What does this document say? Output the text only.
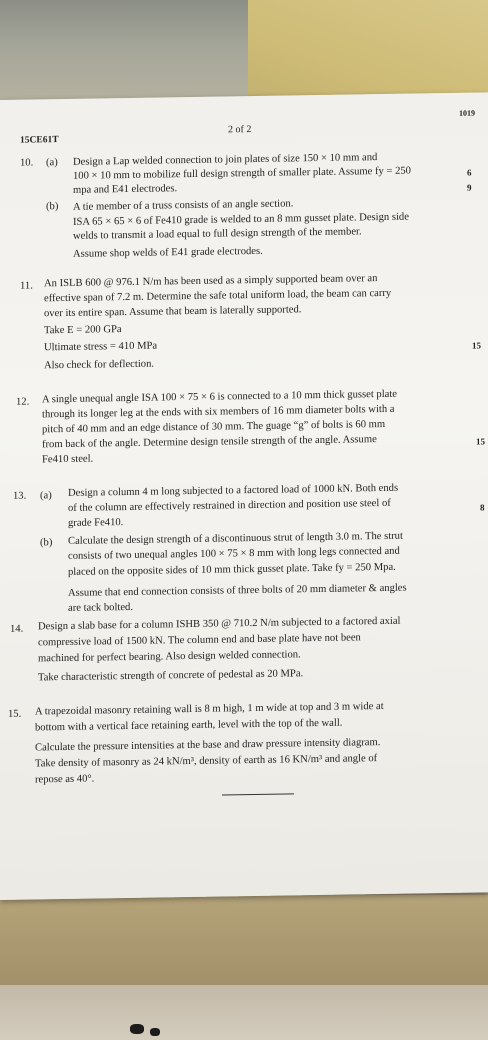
1019
15CE61T
2 of 2
10. (a) Design a Lap welded connection to join plates of size 150 × 10 mm and
100 × 10 mm to mobilize full design strength of smaller plate. Assume fy = 250
mpa and E41 electrodes.
6
(b) A tie member of a truss consists of an angle section.
ISA 65 × 65 × 6 of Fe410 grade is welded to an 8 mm gusset plate. Design side
welds to transmit a load equal to full design strength of the member.
Assume shop welds of E41 grade electrodes.
9
11. An ISLB 600 @ 976.1 N/m has been used as a simply supported beam over an
effective span of 7.2 m. Determine the safe total uniform load, the beam can carry
over its entire span. Assume that beam is laterally supported.
Take E = 200 GPa
Ultimate stress = 410 MPa
Also check for deflection.
15
12. A single unequal angle ISA 100 × 75 × 6 is connected to a 10 mm thick gusset plate
through its longer leg at the ends with six members of 16 mm diameter bolts with a
pitch of 40 mm and an edge distance of 30 mm. The guage “g” of bolts is 60 mm
from back of the angle. Determine design tensile strength of the angle. Assume
Fe410 steel.
15
13. (a) Design a column 4 m long subjected to a factored load of 1000 kN. Both ends
of the column are effectively restrained in direction and position use steel of
grade Fe410.
8
(b) Calculate the design strength of a discontinuous strut of length 3.0 m. The strut
consists of two unequal angles 100 × 75 × 8 mm with long legs connected and
placed on the opposite sides of 10 mm thick gusset plate. Take fy = 250 Mpa.
Assume that end connection consists of three bolts of 20 mm diameter & angles
are tack bolted.
14. Design a slab base for a column ISHB 350 @ 710.2 N/m subjected to a factored axial
compressive load of 1500 kN. The column end and base plate have not been
machined for perfect bearing. Also design welded connection.
Take characteristic strength of concrete of pedestal as 20 MPa.
15. A trapezoidal masonry retaining wall is 8 m high, 1 m wide at top and 3 m wide at
bottom with a vertical face retaining earth, level with the top of the wall.
Calculate the pressure intensities at the base and draw pressure intensity diagram.
Take density of masonry as 24 kN/m³, density of earth as 16 KN/m³ and angle of
repose as 40°.
